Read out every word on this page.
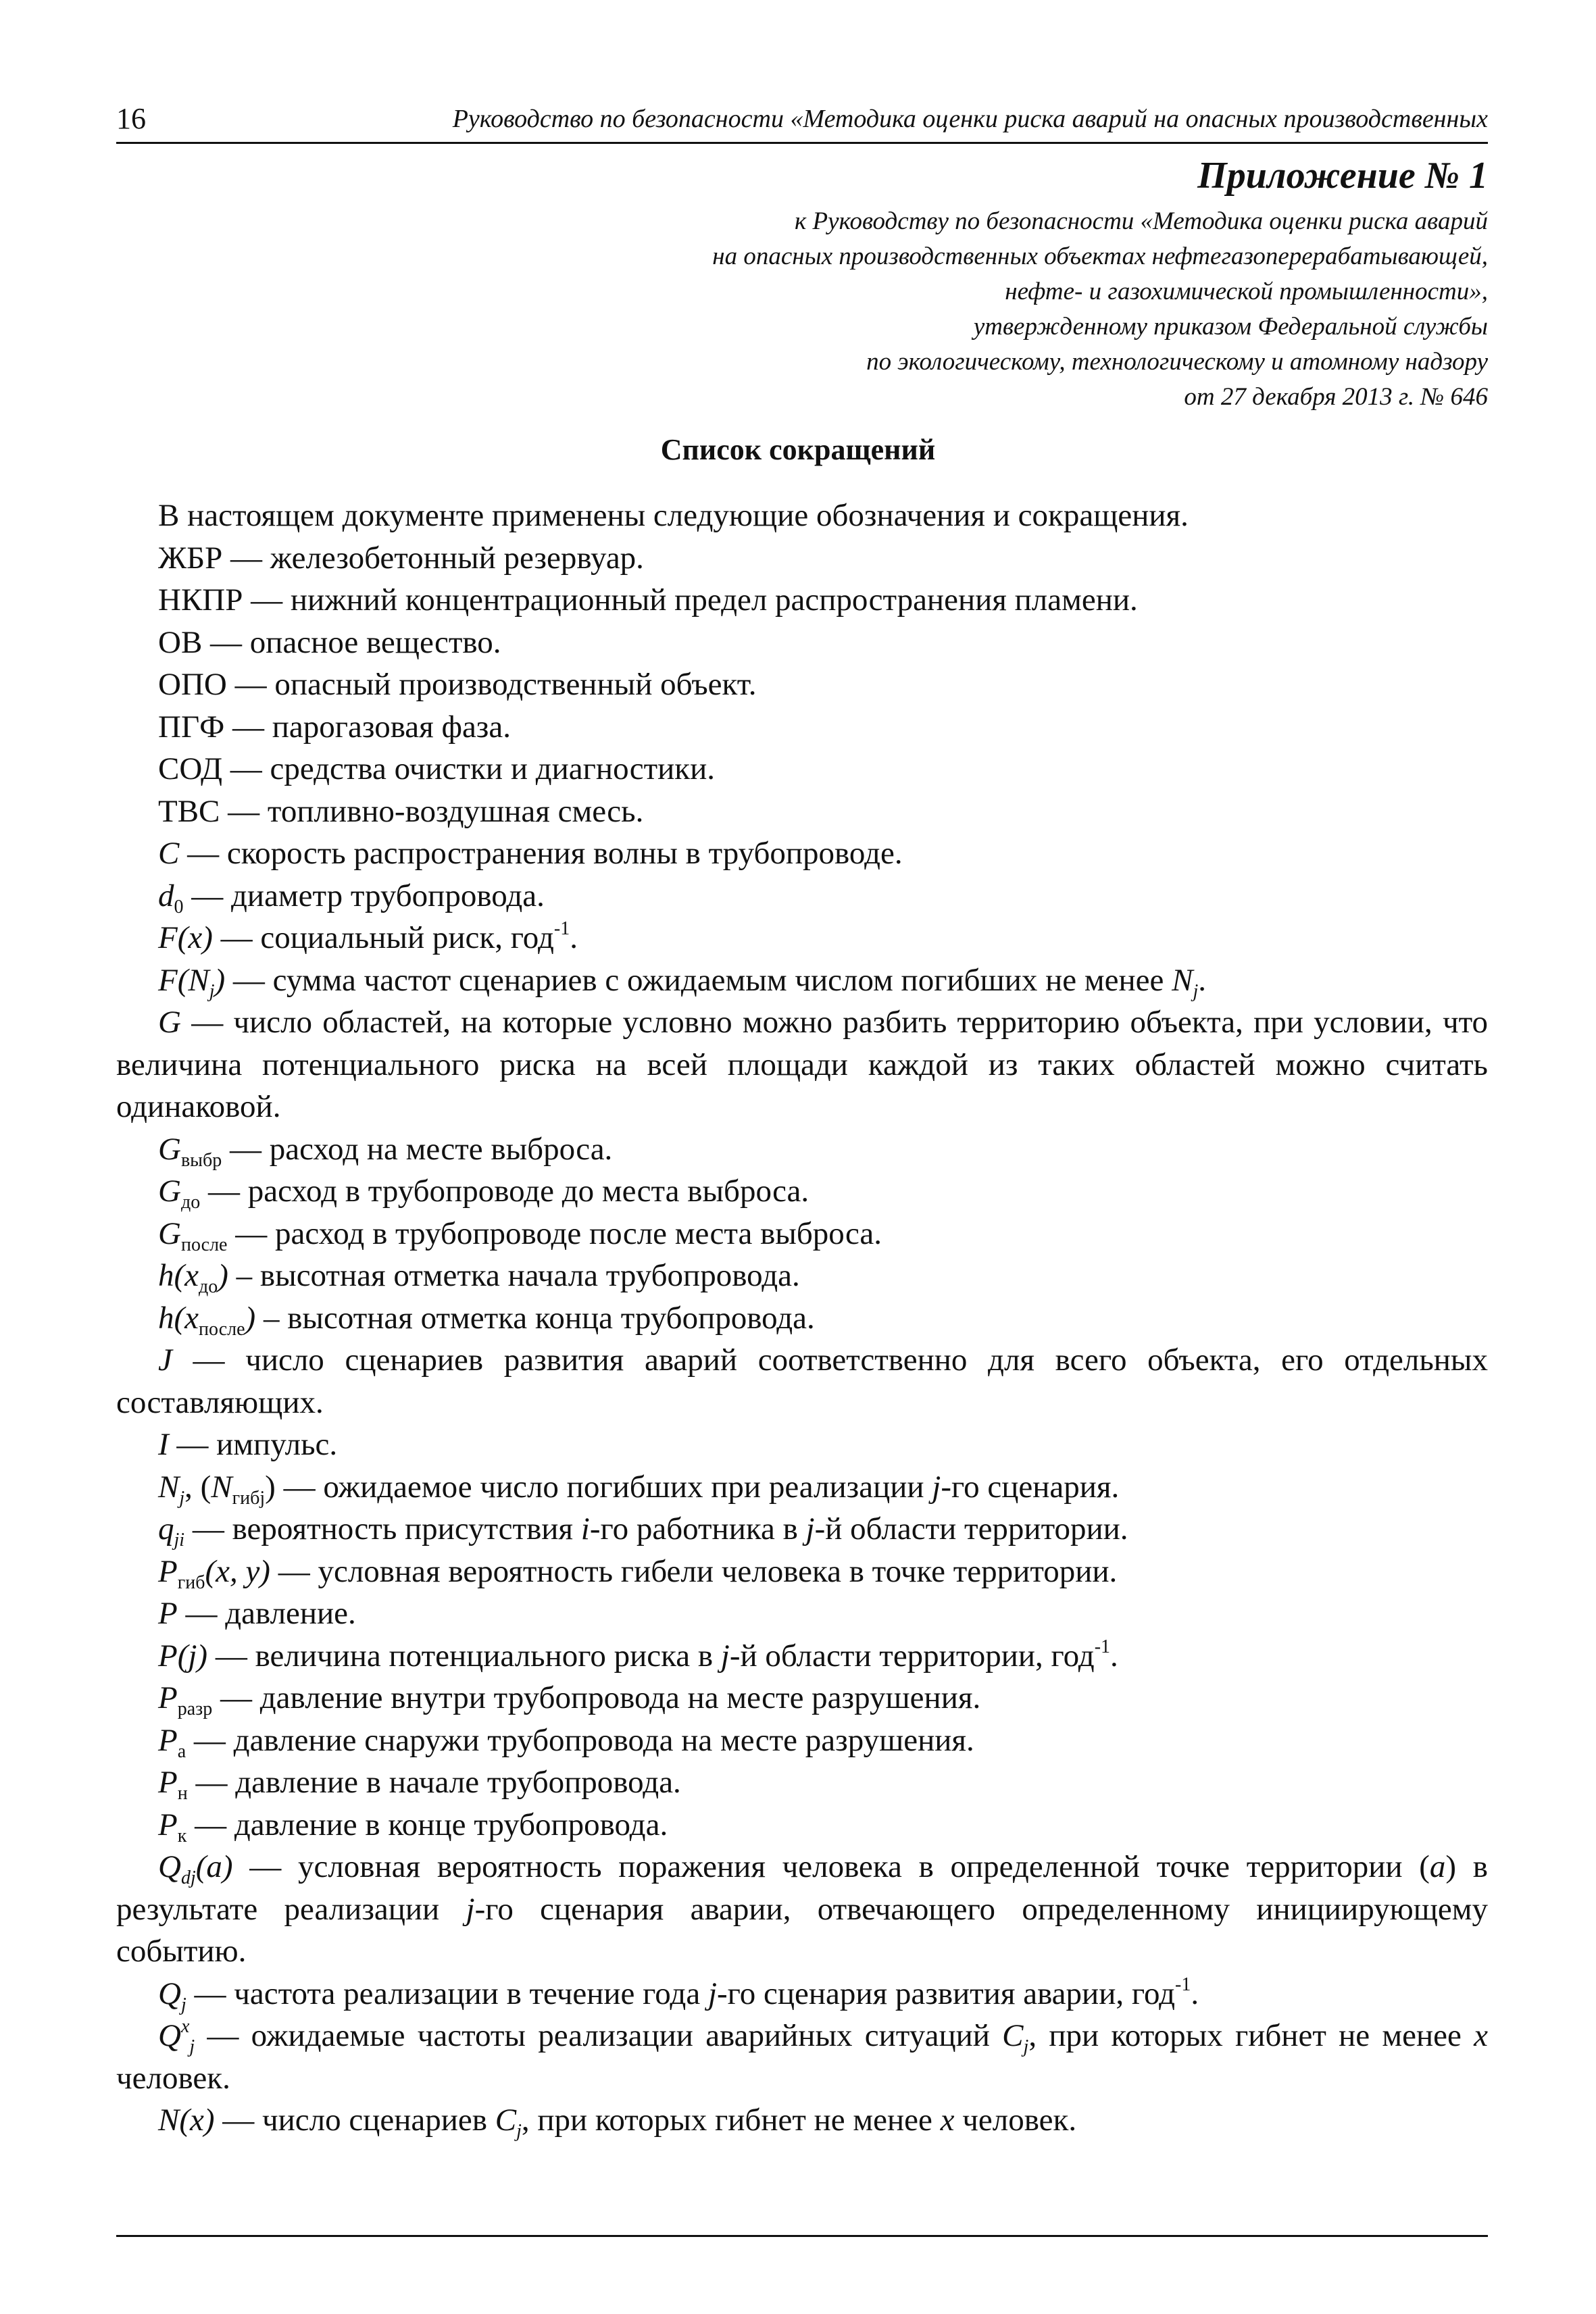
16	Руководство по безопасности «Методика оценки риска аварий на опасных производственных
Приложение № 1
к Руководству по безопасности «Методика оценки риска аварий
на опасных производственных объектах нефтегазоперерабатывающей,
нефте- и газохимической промышленности»,
утвержденному приказом Федеральной службы
по экологическому, технологическому и атомному надзору
от 27 декабря 2013 г. № 646
Список сокращений

В настоящем документе применены следующие обозначения и сокращения.

ЖБР — железобетонный резервуар.

НКПР — нижний концентрационный предел распространения пламени.

ОВ — опасное вещество.

ОПО — опасный производственный объект.

ПГФ — парогазовая фаза.

СОД — средства очистки и диагностики.

ТВС — топливно-воздушная смесь.

C — скорость распространения волны в трубопроводе.

$d_0$ — диаметр трубопровода.

F(x) — социальный риск, год$^{-1}$.

$F(N_j)$ — сумма частот сценариев с ожидаемым числом погибших не менее $N_j$.

G — число областей, на которые условно можно разбить территорию объекта, при условии, что величина потенциального риска на всей площади каждой из таких областей можно считать одинаковой.

$G_{выбр}$ — расход на месте выброса.

$G_{до}$ — расход в трубопроводе до места выброса.

$G_{после}$ — расход в трубопроводе после места выброса.

$h(x_{до})$ – высотная отметка начала трубопровода.

$h(x_{после})$ – высотная отметка конца трубопровода.

J — число сценариев развития аварий соответственно для всего объекта, его отдельных составляющих.

I — импульс.

$N_j$, $(N_{гибj})$ — ожидаемое число погибших при реализации j-го сценария.

$q_{ji}$ — вероятность присутствия i-го работника в j-й области территории.

$P_{гиб}(x$, y) — условная вероятность гибели человека в точке территории.

P — давление.

P(j) — величина потенциального риска в j-й области территории, год$^{-1}$.

$P_{разр}$ — давление внутри трубопровода на месте разрушения.

$P_а$ — давление снаружи трубопровода на месте разрушения.

$P_н$ — давление в начале трубопровода.

$P_к$ — давление в конце трубопровода.

$Q_{dj}(a)$ — условная вероятность поражения человека в определенной точке территории (a) в результате реализации j-го сценария аварии, отвечающего определенному инициирующему событию.

$Q_j$ — частота реализации в течение года j-го сценария развития аварии, год$^{-1}$.

$Q^x_j$ — ожидаемые частоты реализации аварийных ситуаций $C_j$, при которых гибнет не менее x человек.

N(x) — число сценариев $C_j$, при которых гибнет не менее x человек.
